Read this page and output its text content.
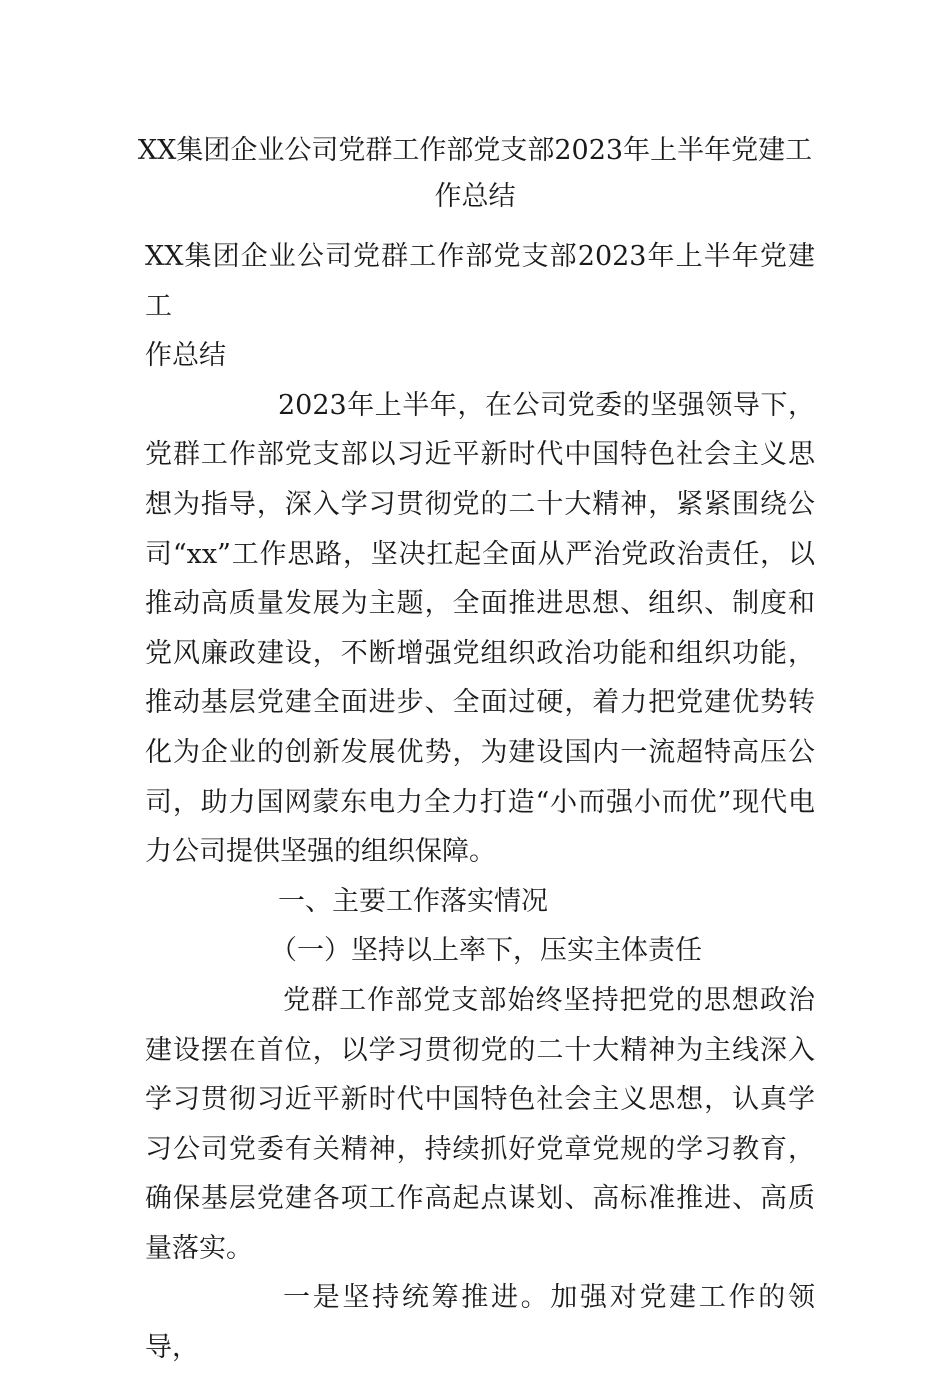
XX集团企业公司党群工作部党支部2023年上半年党建工
作总结

XX集团企业公司党群工作部党支部2023年上半年党建工
作总结

2023年上半年，在公司党委的坚强领导下，党群工作部党支部以习近平新时代中国特色社会主义思想为指导，深入学习贯彻党的二十大精神，紧紧围绕公司“xx”工作思路，坚决扛起全面从严治党政治责任，以推动高质量发展为主题，全面推进思想、组织、制度和党风廉政建设，不断增强党组织政治功能和组织功能，推动基层党建全面进步、全面过硬，着力把党建优势转化为企业的创新发展优势，为建设国内一流超特高压公司，助力国网蒙东电力全力打造“小而强小而优”现代电力公司提供坚强的组织保障。

一、主要工作落实情况

（一）坚持以上率下，压实主体责任

党群工作部党支部始终坚持把党的思想政治建设摆在首位，以学习贯彻党的二十大精神为主线深入学习贯彻习近平新时代中国特色社会主义思想，认真学习公司党委有关精神，持续抓好党章党规的学习教育，确保基层党建各项工作高起点谋划、高标准推进、高质量落实。

一是坚持统筹推进。加强对党建工作的领导，
